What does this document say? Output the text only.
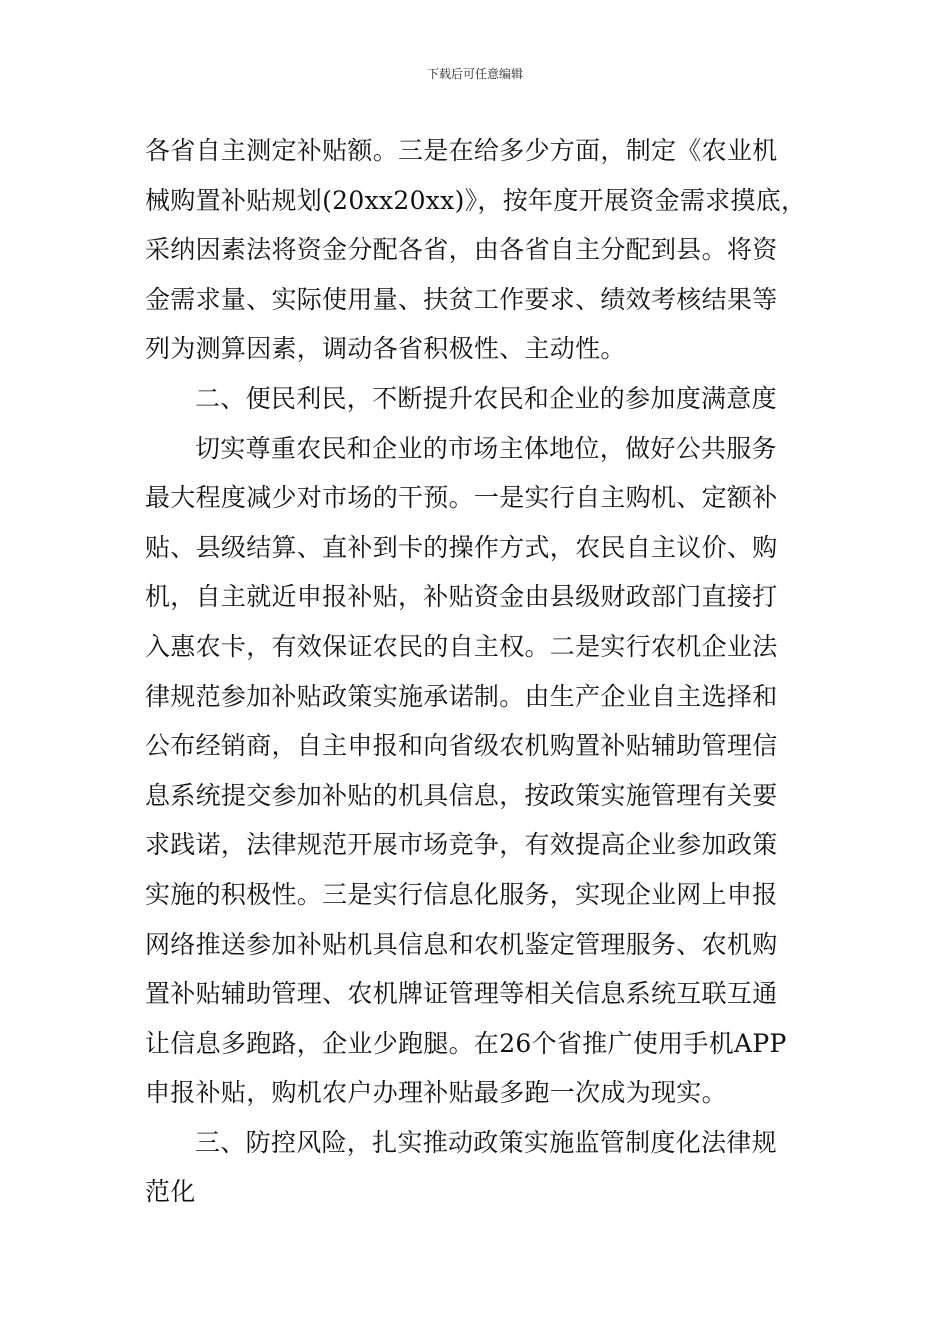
下载后可任意编辑
各省自主测定补贴额。三是在给多少方面，制定《农业机
械购置补贴规划(20xx20xx)》，按年度开展资金需求摸底，
采纳因素法将资金分配各省，由各省自主分配到县。将资
金需求量、实际使用量、扶贫工作要求、绩效考核结果等
列为测算因素，调动各省积极性、主动性。
二、便民利民，不断提升农民和企业的参加度满意度
切实尊重农民和企业的市场主体地位，做好公共服务
最大程度减少对市场的干预。一是实行自主购机、定额补
贴、县级结算、直补到卡的操作方式，农民自主议价、购
机，自主就近申报补贴，补贴资金由县级财政部门直接打
入惠农卡，有效保证农民的自主权。二是实行农机企业法
律规范参加补贴政策实施承诺制。由生产企业自主选择和
公布经销商，自主申报和向省级农机购置补贴辅助管理信
息系统提交参加补贴的机具信息，按政策实施管理有关要
求践诺，法律规范开展市场竞争，有效提高企业参加政策
实施的积极性。三是实行信息化服务，实现企业网上申报
网络推送参加补贴机具信息和农机鉴定管理服务、农机购
置补贴辅助管理、农机牌证管理等相关信息系统互联互通
让信息多跑路，企业少跑腿。在26个省推广使用手机APP
申报补贴，购机农户办理补贴最多跑一次成为现实。
三、防控风险，扎实推动政策实施监管制度化法律规
范化
